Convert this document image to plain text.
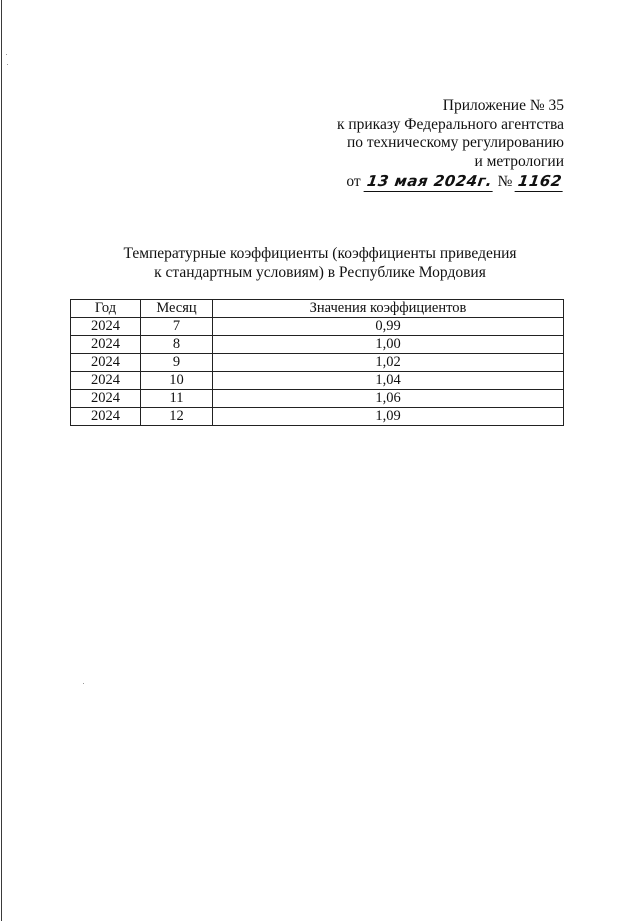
Приложение № 35
к приказу Федерального агентства
по техническому регулированию
и метрологии
от 13 мая 2024г. № 1162
Температурные коэффициенты (коэффициенты приведения
к стандартным условиям) в Республике Мордовия
Год	Месяц	Значения коэффициентов
2024	7	0,99
2024	8	1,00
2024	9	1,02
2024	10	1,04
2024	11	1,06
2024	12	1,09
